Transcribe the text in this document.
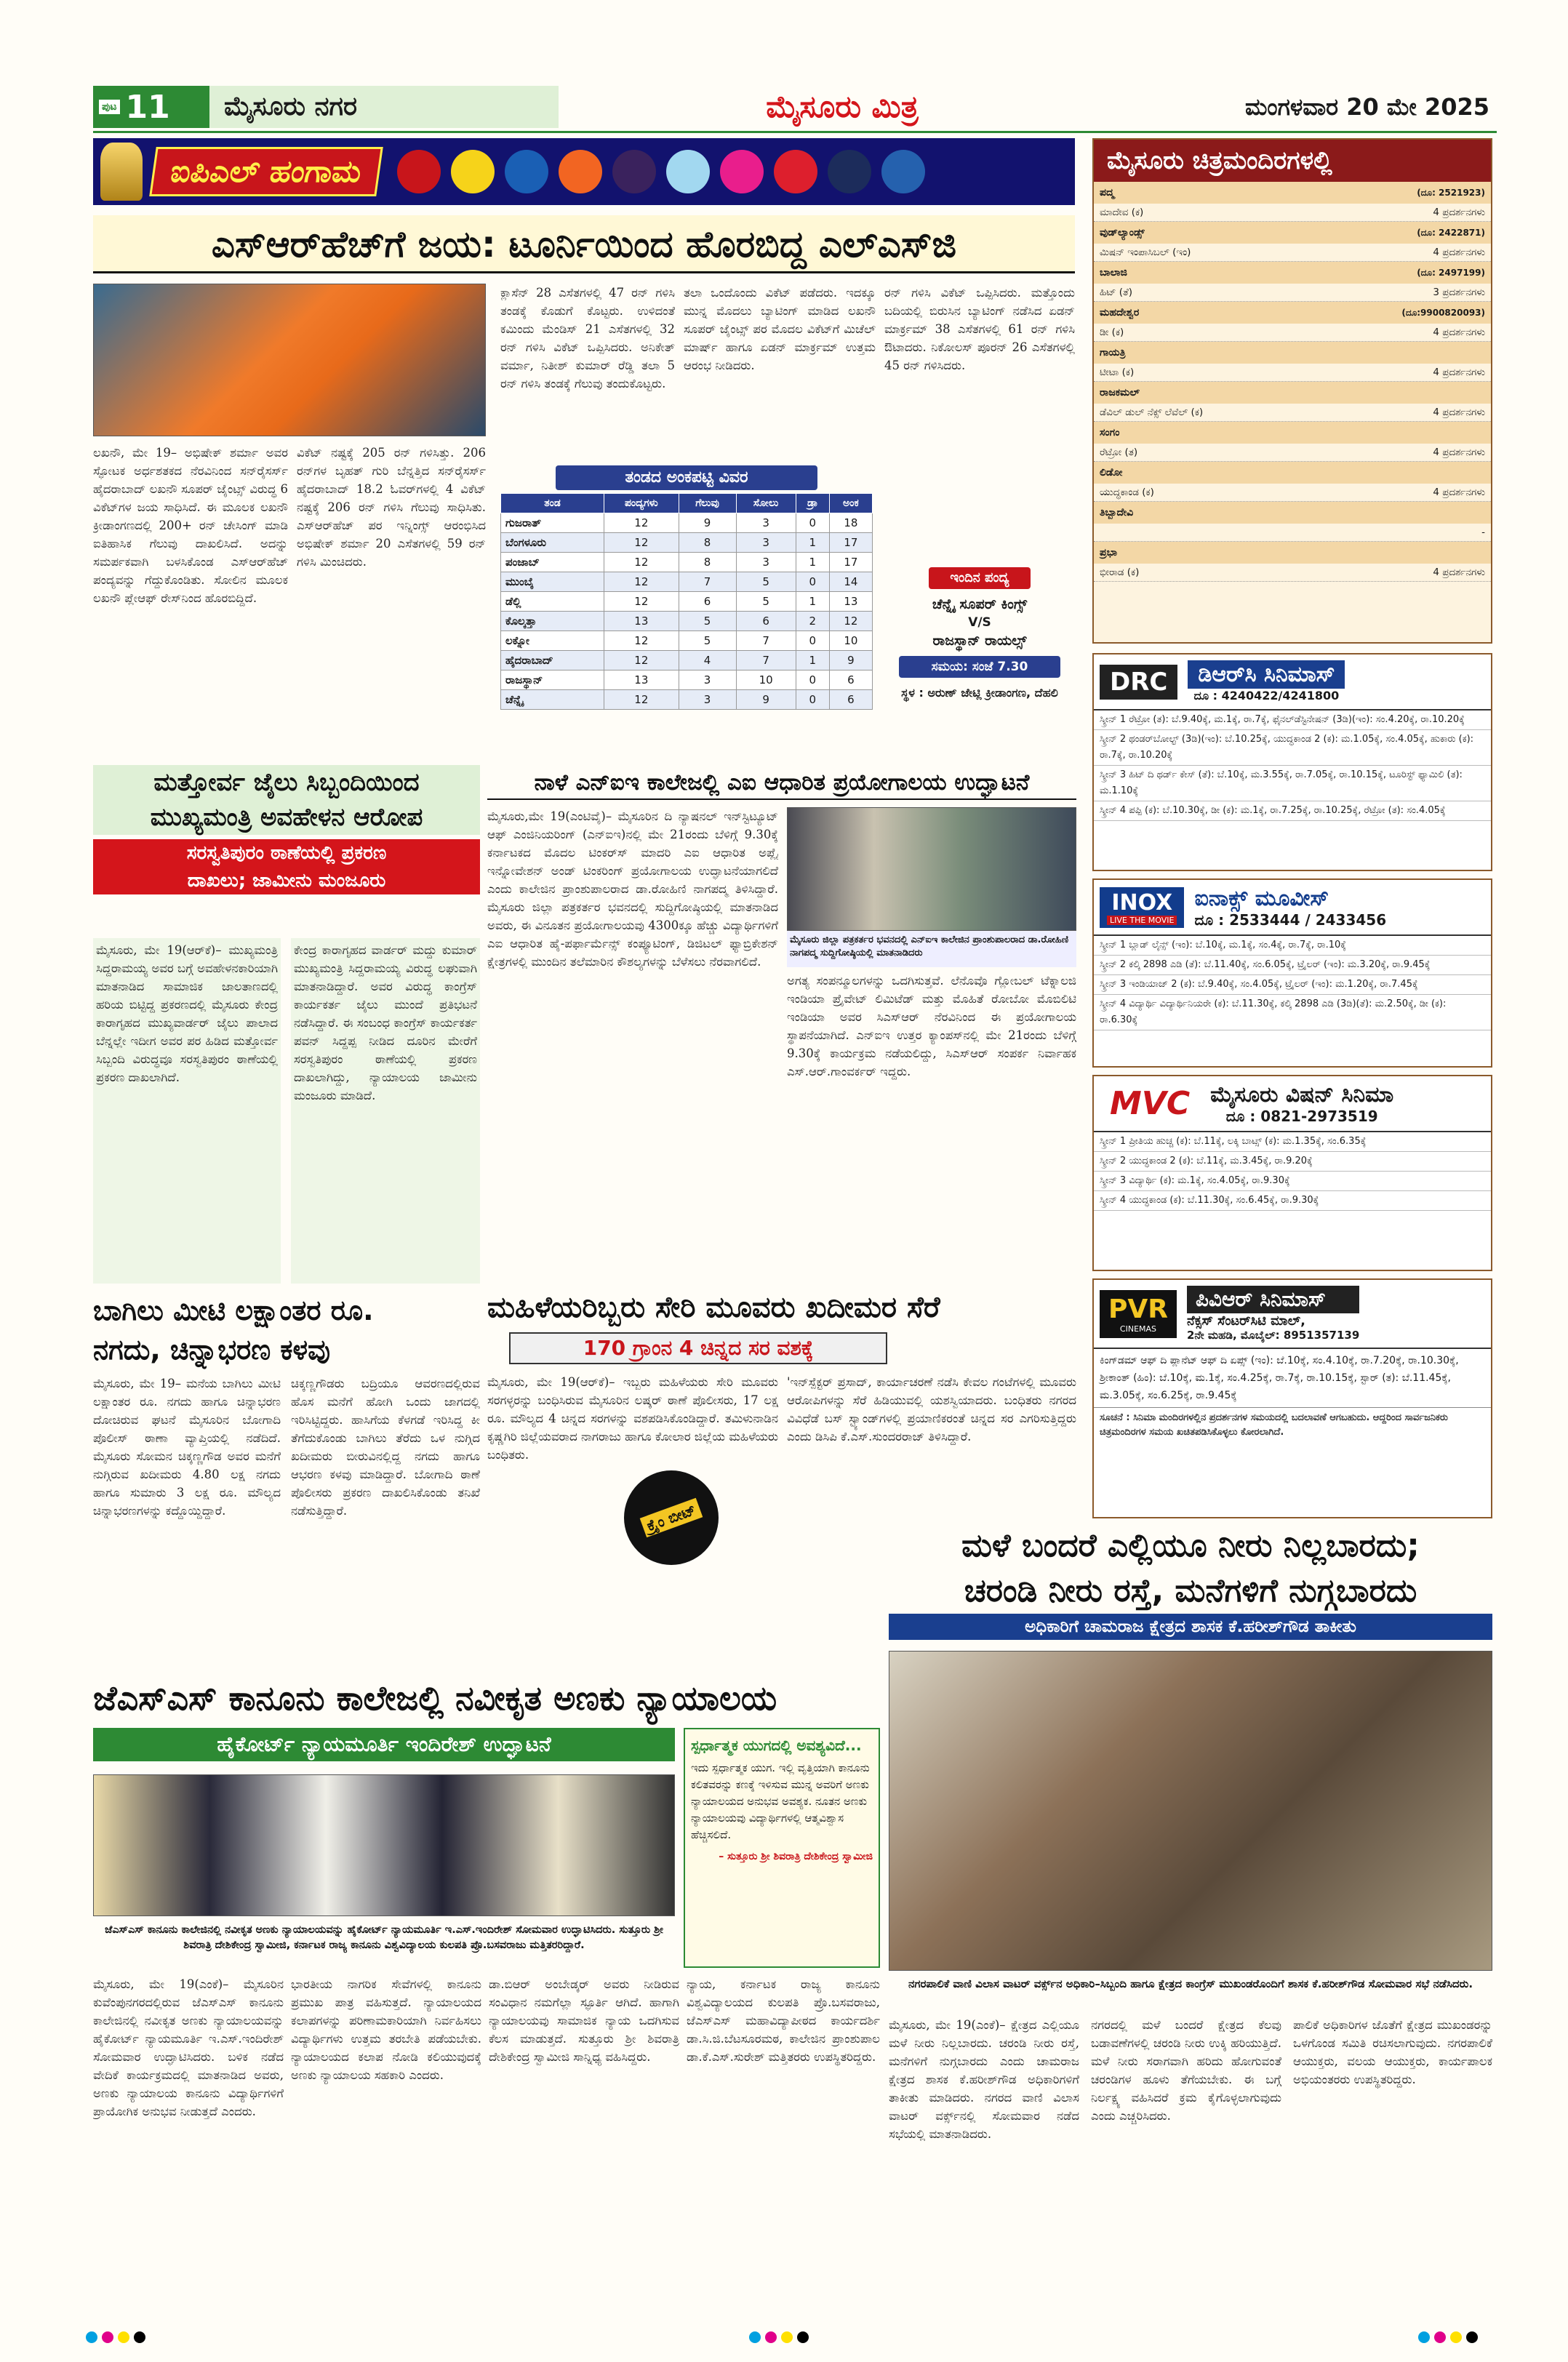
ಪುಟ 11	ಮೈಸೂರು ನಗರ	ಮೈಸೂರು ಮಿತ್ರ	ಮಂಗಳವಾರ 20 ಮೇ 2025
ಐಪಿಎಲ್ ಹಂಗಾಮ
ಎಸ್‌ಆರ್‌ಹೆಚ್‌ಗೆ ಜಯ: ಟೂರ್ನಿಯಿಂದ ಹೊರಬಿದ್ದ ಎಲ್‌ಎಸ್‌ಜಿ
ಲಖನೌ, ಮೇ 19– ಅಭಿಷೇಕ್ ಶರ್ಮಾ ಅವರ ಸ್ಫೋಟಕ ಅರ್ಧಶತಕದ ನೆರವಿನಿಂದ ಸನ್‌ರೈಸರ್ಸ್ ಹೈದರಾಬಾದ್ ಲಖನೌ ಸೂಪರ್ ಜೈಂಟ್ಸ್ ವಿರುದ್ಧ 6 ವಿಕೆಟ್‌ಗಳ ಜಯ ಸಾಧಿಸಿದೆ. ಈ ಮೂಲಕ ಲಖನೌ ಕ್ರೀಡಾಂಗಣದಲ್ಲಿ 200+ ರನ್ ಚೇಸಿಂಗ್ ಮಾಡಿ ಐತಿಹಾಸಿಕ ಗೆಲುವು ದಾಖಲಿಸಿದೆ. ಅದನ್ನು ಸಮರ್ಪಕವಾಗಿ ಬಳಸಿಕೊಂಡ ಎಸ್‌ಆರ್‌ಹೆಚ್ ಪಂದ್ಯವನ್ನು ಗೆದ್ದುಕೊಂಡಿತು. ಸೋಲಿನ ಮೂಲಕ ಲಖನೌ ಪ್ಲೇಆಫ್ ರೇಸ್‌ನಿಂದ ಹೊರಬಿದ್ದಿದೆ.
ವಿಕೆಟ್ ನಷ್ಟಕ್ಕೆ 205 ರನ್ ಗಳಿಸಿತ್ತು. 206 ರನ್‌ಗಳ ಬೃಹತ್ ಗುರಿ ಬೆನ್ನತ್ತಿದ ಸನ್‌ರೈಸರ್ಸ್ ಹೈದರಾಬಾದ್ 18.2 ಓವರ್‌ಗಳಲ್ಲಿ 4 ವಿಕೆಟ್ ನಷ್ಟಕ್ಕೆ 206 ರನ್ ಗಳಿಸಿ ಗೆಲುವು ಸಾಧಿಸಿತು. ಎಸ್‌ಆರ್‌ಹೆಚ್ ಪರ ಇನ್ನಿಂಗ್ಸ್ ಆರಂಭಿಸಿದ ಅಭಿಷೇಕ್ ಶರ್ಮಾ 20 ಎಸೆತಗಳಲ್ಲಿ 59 ರನ್ ಗಳಿಸಿ ಮಿಂಚಿದರು.
ಕ್ಲಾಸೆನ್ 28 ಎಸೆತಗಳಲ್ಲಿ 47 ರನ್ ಗಳಿಸಿ ತಂಡಕ್ಕೆ ಕೊಡುಗೆ ಕೊಟ್ಟರು. ಉಳಿದಂತೆ ಕಮಿಂದು ಮೆಂಡಿಸ್ 21 ಎಸೆತಗಳಲ್ಲಿ 32 ರನ್ ಗಳಿಸಿ ವಿಕೆಟ್ ಒಪ್ಪಿಸಿದರು. ಅನಿಕೇತ್ ವರ್ಮಾ, ನಿತೀಶ್ ಕುಮಾರ್ ರೆಡ್ಡಿ ತಲಾ 5 ರನ್ ಗಳಿಸಿ ತಂಡಕ್ಕೆ ಗೆಲುವು ತಂದುಕೊಟ್ಟರು.
ತಲಾ ಒಂದೊಂದು ವಿಕೆಟ್ ಪಡೆದರು. ಇದಕ್ಕೂ ಮುನ್ನ ಮೊದಲು ಬ್ಯಾಟಿಂಗ್ ಮಾಡಿದ ಲಖನೌ ಸೂಪರ್ ಜೈಂಟ್ಸ್ ಪರ ಮೊದಲ ವಿಕೆಟ್‌ಗೆ ಮಿಚೆಲ್ ಮಾರ್ಷ್ ಹಾಗೂ ಏಡನ್ ಮಾರ್ಕ್ರಮ್ ಉತ್ತಮ ಆರಂಭ ನೀಡಿದರು.
ರನ್ ಗಳಿಸಿ ವಿಕೆಟ್ ಒಪ್ಪಿಸಿದರು. ಮತ್ತೊಂದು ಬದಿಯಲ್ಲಿ ಬಿರುಸಿನ ಬ್ಯಾಟಿಂಗ್ ನಡೆಸಿದ ಏಡನ್ ಮಾರ್ಕ್ರಮ್ 38 ಎಸೆತಗಳಲ್ಲಿ 61 ರನ್ ಗಳಿಸಿ ಔಟಾದರು. ನಿಕೋಲಸ್ ಪೂರನ್ 26 ಎಸೆತಗಳಲ್ಲಿ 45 ರನ್ ಗಳಿಸಿದರು.
ತಂಡದ ಅಂಕಪಟ್ಟಿ ವಿವರ
ತಂಡ	ಪಂದ್ಯಗಳು	ಗೆಲುವು	ಸೋಲು	ಡ್ರಾ	ಅಂಕ
ಗುಜರಾತ್	12	9	3	0	18
ಬೆಂಗಳೂರು	12	8	3	1	17
ಪಂಜಾಬ್	12	8	3	1	17
ಮುಂಬೈ	12	7	5	0	14
ಡೆಲ್ಲಿ	12	6	5	1	13
ಕೊಲ್ಕತ್ತಾ	13	5	6	2	12
ಲಕ್ನೋ	12	5	7	0	10
ಹೈದರಾಬಾದ್	12	4	7	1	9
ರಾಜಸ್ಥಾನ್	13	3	10	0	6
ಚೆನ್ನೈ	12	3	9	0	6
ಇಂದಿನ ಪಂದ್ಯ
ಚೆನ್ನೈ ಸೂಪರ್ ಕಿಂಗ್ಸ್
V/S
ರಾಜಸ್ಥಾನ್ ರಾಯಲ್ಸ್
ಸಮಯ: ಸಂಜೆ 7.30
ಸ್ಥಳ : ಅರುಣ್ ಜೇಟ್ಲಿ ಕ್ರೀಡಾಂಗಣ, ದೆಹಲಿ
ಮೈಸೂರು ಚಿತ್ರಮಂದಿರಗಳಲ್ಲಿ
ಪದ್ಮ	(ದೂ: 2521923)
ಮಾದೇವ (ಕ)	4 ಪ್ರದರ್ಶನಗಳು
ವುಡ್‌ಲ್ಯಾಂಡ್ಸ್	(ದೂ: 2422871)
ಮಿಷನ್ ಇಂಪಾಸಿಬಲ್ (ಇಂ)	4 ಪ್ರದರ್ಶನಗಳು
ಬಾಲಾಜಿ	(ದೂ: 2497199)
ಹಿಟ್ (ತೆ)	3 ಪ್ರದರ್ಶನಗಳು
ಮಹದೇಶ್ವರ	(ದೂ:9900820093)
ಡೀ (ಕ)	4 ಪ್ರದರ್ಶನಗಳು
ಗಾಯತ್ರಿ
ಟೀಟಾ (ಕ)	4 ಪ್ರದರ್ಶನಗಳು
ರಾಜಕಮಲ್
ಡೆವಿಲ್ ಡುಲ್ ನೆಕ್ಸ್ ಲೆವೆಲ್ (ಕ)	4 ಪ್ರದರ್ಶನಗಳು
ಸಂಗಂ
ರೆಟ್ರೋ (ತ)	4 ಪ್ರದರ್ಶನಗಳು
ಲಿಡೋ
ಯುದ್ಧಕಾಂಡ (ಕ)	4 ಪ್ರದರ್ಶನಗಳು
ತಿಬ್ಬಾದೇವಿ
-
ಪ್ರಭಾ
ಭೀರಾಡ (ಕ)	4 ಪ್ರದರ್ಶನಗಳು
DRC	ಡಿಆರ್‌ಸಿ ಸಿನಿಮಾಸ್
ದೂ : 4240422/4241800
ಸ್ಕ್ರೀನ್ 1 ರೆಟ್ರೋ (ತ): ಬೆ.9.40ಕ್ಕೆ, ಮ.1ಕ್ಕೆ, ರಾ.7ಕ್ಕೆ, ಫೈನಲ್‌ಡೆಸ್ಟಿನೇಷನ್ (3ಡಿ)(ಇಂ): ಸಂ.4.20ಕ್ಕೆ, ರಾ.10.20ಕ್ಕೆ
ಸ್ಕ್ರೀನ್ 2 ಥಂಡರ್‌ಬೋಲ್ಟ್ (3ಡಿ)(ಇಂ): ಬೆ.10.25ಕ್ಕೆ, ಯುದ್ಧಕಾಂಡ 2 (ಕ): ಮ.1.05ಕ್ಕೆ, ಸಂ.4.05ಕ್ಕೆ, ಹುಕಾರು (ಕ): ರಾ.7ಕ್ಕೆ, ರಾ.10.20ಕ್ಕೆ
ಸ್ಕ್ರೀನ್ 3 ಹಿಟ್ ದಿ ಥರ್ಡ್ ಕೇಸ್ (ತೆ): ಬೆ.10ಕ್ಕೆ, ಮ.3.55ಕ್ಕೆ, ರಾ.7.05ಕ್ಕೆ, ರಾ.10.15ಕ್ಕೆ, ಟೂರಿಸ್ಟ್ ಫ್ಯಾಮಿಲಿ (ತ): ಮ.1.10ಕ್ಕೆ
ಸ್ಕ್ರೀನ್ 4 ಪಪ್ಪಿ (ಕ): ಬೆ.10.30ಕ್ಕೆ, ಡೀ (ಕ): ಮ.1ಕ್ಕೆ, ರಾ.7.25ಕ್ಕೆ, ರಾ.10.25ಕ್ಕೆ, ರೆಟ್ರೋ (ತ): ಸಂ.4.05ಕ್ಕೆ
INOX
LIVE THE MOVIE
ಐನಾಕ್ಸ್ ಮೂವೀಸ್
ದೂ : 2533444 / 2433456
ಸ್ಕ್ರೀನ್ 1 ಬ್ಲಾಡ್ ಲೈನ್ಸ್ (ಇಂ): ಬೆ.10ಕ್ಕೆ, ಮ.1ಕ್ಕೆ, ಸಂ.4ಕ್ಕೆ, ರಾ.7ಕ್ಕೆ, ರಾ.10ಕ್ಕೆ
ಸ್ಕ್ರೀನ್ 2 ಕಲ್ಕಿ 2898 ಎಡಿ (ತೆ): ಬೆ.11.40ಕ್ಕೆ, ಸಂ.6.05ಕ್ಕೆ, ಟ್ರೈಲರ್ (ಇಂ): ಮ.3.20ಕ್ಕೆ, ರಾ.9.45ಕ್ಕೆ
ಸ್ಕ್ರೀನ್ 3 ಇಂಡಿಯಾಜ್ 2 (ಕ): ಬೆ.9.40ಕ್ಕೆ, ಸಂ.4.05ಕ್ಕೆ, ಟ್ರೈಲರ್ (ಇಂ): ಮ.1.20ಕ್ಕೆ, ರಾ.7.45ಕ್ಕೆ
ಸ್ಕ್ರೀನ್ 4 ವಿದ್ಯಾರ್ಥಿ ವಿದ್ಯಾರ್ಥಿನಿಯರೇ (ಕ): ಬೆ.11.30ಕ್ಕೆ, ಕಲ್ಕಿ 2898 ಎಡಿ (3ಡಿ)(ತೆ): ಮ.2.50ಕ್ಕೆ, ಡೀ (ಕ): ರಾ.6.30ಕ್ಕೆ
MVC ಮೈಸೂರು ವಿಷನ್ ಸಿನಿಮಾ
ದೂ : 0821-2973519
ಸ್ಕ್ರೀನ್ 1 ಪ್ರೀತಿಯ ಹುಚ್ಚ (ಕ): ಬೆ.11ಕ್ಕೆ, ಲಕ್ಕಿ ಬಾಟ್ಸ್ (ಕ): ಮ.1.35ಕ್ಕೆ, ಸಂ.6.35ಕ್ಕೆ
ಸ್ಕ್ರೀನ್ 2 ಯುದ್ಧಕಾಂಡ 2 (ಕ): ಬೆ.11ಕ್ಕೆ, ಮ.3.45ಕ್ಕೆ, ರಾ.9.20ಕ್ಕೆ
ಸ್ಕ್ರೀನ್ 3 ವಿದ್ಯಾರ್ಥಿ (ಕ): ಮ.1ಕ್ಕೆ, ಸಂ.4.05ಕ್ಕೆ, ರಾ.9.30ಕ್ಕೆ
ಸ್ಕ್ರೀನ್ 4 ಯುದ್ಧಕಾಂಡ (ಕ): ಬೆ.11.30ಕ್ಕೆ, ಸಂ.6.45ಕ್ಕೆ, ರಾ.9.30ಕ್ಕೆ
PVR
CINEMAS
ಪಿವಿಆರ್ ಸಿನಿಮಾಸ್
ನೆಕ್ಸಸ್ ಸೆಂಟರ್‌ಸಿಟಿ ಮಾಲ್,
2ನೇ ಮಹಡಿ, ಮೊಬೈಲ್: 8951357139
ಕಿಂಗ್‌ಡಮ್ ಆಫ್ ದಿ ಪ್ಲಾನೆಟ್ ಆಫ್ ದಿ ಏಪ್ಸ್ (ಇಂ): ಬೆ.10ಕ್ಕೆ, ಸಂ.4.10ಕ್ಕೆ, ರಾ.7.20ಕ್ಕೆ, ರಾ.10.30ಕ್ಕೆ, ಶ್ರೀಕಾಂತ್ (ಹಿಂ): ಬೆ.10ಕ್ಕೆ, ಮ.1ಕ್ಕೆ, ಸಂ.4.25ಕ್ಕೆ, ರಾ.7ಕ್ಕೆ, ರಾ.10.15ಕ್ಕೆ, ಸ್ಟಾರ್ (ತ): ಬೆ.11.45ಕ್ಕೆ, ಮ.3.05ಕ್ಕೆ, ಸಂ.6.25ಕ್ಕೆ, ರಾ.9.45ಕ್ಕೆ
ಸೂಚನೆ : ಸಿನಿಮಾ ಮಂದಿರಗಳಲ್ಲಿನ ಪ್ರದರ್ಶನಗಳ ಸಮಯದಲ್ಲಿ ಬದಲಾವಣೆ ಆಗಬಹುದು. ಆದ್ದರಿಂದ ಸಾರ್ವಜನಿಕರು ಚಿತ್ರಮಂದಿರಗಳ ಸಮಯ ಖಚಿತಪಡಿಸಿಕೊಳ್ಳಲು ಕೋರಲಾಗಿದೆ.
ಮತ್ತೋರ್ವ ಜೈಲು ಸಿಬ್ಬಂದಿಯಿಂದ
ಮುಖ್ಯಮಂತ್ರಿ ಅವಹೇಳನ ಆರೋಪ
ಸರಸ್ವತಿಪುರಂ ಠಾಣೆಯಲ್ಲಿ ಪ್ರಕರಣ
ದಾಖಲು; ಜಾಮೀನು ಮಂಜೂರು
ಮೈಸೂರು, ಮೇ 19(ಆರ್‌ಕೆ)– ಮುಖ್ಯಮಂತ್ರಿ ಸಿದ್ದರಾಮಯ್ಯ ಅವರ ಬಗ್ಗೆ ಅವಹೇಳನಕಾರಿಯಾಗಿ ಮಾತನಾಡಿದ ಸಾಮಾಜಿಕ ಜಾಲತಾಣದಲ್ಲಿ ಹರಿಯ ಬಿಟ್ಟಿದ್ದ ಪ್ರಕರಣದಲ್ಲಿ ಮೈಸೂರು ಕೇಂದ್ರ ಕಾರಾಗೃಹದ ಮುಖ್ಯವಾರ್ಡರ್ ಜೈಲು ಪಾಲಾದ ಬೆನ್ನಲ್ಲೇ ಇದೀಗ ಅವರ ಪರ ಹಿಡಿದ ಮತ್ತೋರ್ವ ಸಿಬ್ಬಂದಿ ವಿರುದ್ಧವೂ ಸರಸ್ವತಿಪುರಂ ಠಾಣೆಯಲ್ಲಿ ಪ್ರಕರಣ ದಾಖಲಾಗಿದೆ.
ಕೇಂದ್ರ ಕಾರಾಗೃಹದ ವಾರ್ಡರ್ ಮದ್ದು ಕುಮಾರ್ ಮುಖ್ಯಮಂತ್ರಿ ಸಿದ್ದರಾಮಯ್ಯ ವಿರುದ್ಧ ಲಘುವಾಗಿ ಮಾತನಾಡಿದ್ದಾರೆ. ಅವರ ವಿರುದ್ಧ ಕಾಂಗ್ರೆಸ್ ಕಾರ್ಯಕರ್ತ ಜೈಲು ಮುಂದೆ ಪ್ರತಿಭಟನೆ ನಡೆಸಿದ್ದಾರೆ. ಈ ಸಂಬಂಧ ಕಾಂಗ್ರೆಸ್ ಕಾರ್ಯಕರ್ತ ಪವನ್ ಸಿದ್ದಪ್ಪ ನೀಡಿದ ದೂರಿನ ಮೇರೆಗೆ ಸರಸ್ವತಿಪುರಂ ಠಾಣೆಯಲ್ಲಿ ಪ್ರಕರಣ ದಾಖಲಾಗಿದ್ದು, ನ್ಯಾಯಾಲಯ ಜಾಮೀನು ಮಂಜೂರು ಮಾಡಿದೆ.
ಬಾಗಿಲು ಮೀಟಿ ಲಕ್ಷಾಂತರ ರೂ.
ನಗದು, ಚಿನ್ನಾಭರಣ ಕಳವು
ಮೈಸೂರು, ಮೇ 19– ಮನೆಯ ಬಾಗಿಲು ಮೀಟಿ ಲಕ್ಷಾಂತರ ರೂ. ನಗದು ಹಾಗೂ ಚಿನ್ನಾಭರಣ ದೋಚಿರುವ ಘಟನೆ ಮೈಸೂರಿನ ಬೋಗಾದಿ ಪೊಲೀಸ್ ಠಾಣಾ ವ್ಯಾಪ್ತಿಯಲ್ಲಿ ನಡೆದಿದೆ. ಮೈಸೂರು ಸೋಮನ ಚಿಕ್ಕಣ್ಣಗೌಡ ಅವರ ಮನೆಗೆ ನುಗ್ಗಿರುವ ಖದೀಮರು 4.80 ಲಕ್ಷ ನಗದು ಹಾಗೂ ಸುಮಾರು 3 ಲಕ್ಷ ರೂ. ಮೌಲ್ಯದ ಚಿನ್ನಾಭರಣಗಳನ್ನು ಕದ್ದೊಯ್ದಿದ್ದಾರೆ.
ಚಿಕ್ಕಣ್ಣಗೌಡರು ಬದ್ರಿಯೂ ಆವರಣದಲ್ಲಿರುವ ಹೊಸ ಮನೆಗೆ ಹೋಗಿ ಒಂದು ಜಾಗದಲ್ಲಿ ಇರಿಸಿಟ್ಟಿದ್ದರು. ಹಾಸಿಗೆಯ ಕೆಳಗಡೆ ಇರಿಸಿದ್ದ ಕೀ ತೆಗೆದುಕೊಂಡು ಬಾಗಿಲು ತೆರೆದು ಒಳ ನುಗ್ಗಿದ ಖದೀಮರು ಬೀರುವಿನಲ್ಲಿದ್ದ ನಗದು ಹಾಗೂ ಆಭರಣ ಕಳವು ಮಾಡಿದ್ದಾರೆ. ಬೋಗಾದಿ ಠಾಣೆ ಪೊಲೀಸರು ಪ್ರಕರಣ ದಾಖಲಿಸಿಕೊಂಡು ತನಿಖೆ ನಡೆಸುತ್ತಿದ್ದಾರೆ.
ನಾಳೆ ಎನ್‌ಐಇ ಕಾಲೇಜಲ್ಲಿ ಎಐ ಆಧಾರಿತ ಪ್ರಯೋಗಾಲಯ ಉದ್ಘಾಟನೆ
ಮೈಸೂರು,ಮೇ 19(ಎಂಟಿವೈ)– ಮೈಸೂರಿನ ದಿ ನ್ಯಾಷನಲ್ ಇನ್‌ಸ್ಟಿಟ್ಯೂಟ್ ಆಫ್ ಎಂಜಿನಿಯರಿಂಗ್ (ಎನ್‌ಐಇ)ನಲ್ಲಿ ಮೇ 21ರಂದು ಬೆಳಿಗ್ಗೆ 9.30ಕ್ಕೆ ಕರ್ನಾಟಕದ ಮೊದಲ ಟಿಂಕರ್‌ಸ್ ಮಾದರಿ ಎಐ ಆಧಾರಿತ ಅಪ್ಲೈ ಇನ್ನೋವೇಶನ್ ಅಂಡ್ ಟಿಂಕರಿಂಗ್ ಪ್ರಯೋಗಾಲಯ ಉದ್ಘಾಟನೆಯಾಗಲಿದೆ ಎಂದು ಕಾಲೇಜಿನ ಪ್ರಾಂಶುಪಾಲರಾದ ಡಾ.ರೋಹಿಣಿ ನಾಗಪದ್ಮ ತಿಳಿಸಿದ್ದಾರೆ. ಮೈಸೂರು ಜಿಲ್ಲಾ ಪತ್ರಕರ್ತರ ಭವನದಲ್ಲಿ ಸುದ್ದಿಗೋಷ್ಠಿಯಲ್ಲಿ ಮಾತನಾಡಿದ ಅವರು, ಈ ವಿನೂತನ ಪ್ರಯೋಗಾಲಯವು 4300ಕ್ಕೂ ಹೆಚ್ಚು ವಿದ್ಯಾರ್ಥಿಗಳಿಗೆ ಎಐ ಆಧಾರಿತ ಹೈ-ಪರ್ಫಾರ್ಮೆನ್ಸ್ ಕಂಪ್ಯೂಟಿಂಗ್, ಡಿಜಿಟಲ್ ಫ್ಯಾಬ್ರಿಕೇಶನ್ ಕ್ಷೇತ್ರಗಳಲ್ಲಿ ಮುಂದಿನ ತಲೆಮಾರಿನ ಕೌಶಲ್ಯಗಳನ್ನು ಬೆಳೆಸಲು ನೆರವಾಗಲಿದೆ.
ಮೈಸೂರು ಜಿಲ್ಲಾ ಪತ್ರಕರ್ತರ ಭವನದಲ್ಲಿ ಎನ್‌ಐಇ ಕಾಲೇಜಿನ ಪ್ರಾಂಶುಪಾಲರಾದ ಡಾ.ರೋಹಿಣಿ ನಾಗಪದ್ಮ ಸುದ್ದಿಗೋಷ್ಠಿಯಲ್ಲಿ ಮಾತನಾಡಿದರು
ಅಗತ್ಯ ಸಂಪನ್ಮೂಲಗಳನ್ನು ಒದಗಿಸುತ್ತವೆ. ಲೆನೊವೊ ಗ್ಲೋಬಲ್ ಟೆಕ್ನಾಲಜಿ ಇಂಡಿಯಾ ಪ್ರೈವೇಟ್ ಲಿಮಿಟೆಡ್ ಮತ್ತು ಮೊಹಿತೆ ರೋಬೋ ಮೊಬಿಲಿಟಿ ಇಂಡಿಯಾ ಅವರ ಸಿಎಸ್‌ಆರ್ ನೆರವಿನಿಂದ ಈ ಪ್ರಯೋಗಾಲಯ ಸ್ಥಾಪನೆಯಾಗಿದೆ. ಎನ್‌ಐಇ ಉತ್ತರ ಕ್ಯಾಂಪಸ್‌ನಲ್ಲಿ ಮೇ 21ರಂದು ಬೆಳಿಗ್ಗೆ 9.30ಕ್ಕೆ ಕಾರ್ಯಕ್ರಮ ನಡೆಯಲಿದ್ದು, ಸಿಎಸ್‌ಆರ್ ಸಂಪರ್ಕ ನಿರ್ವಾಹಕ ಎಸ್.ಆರ್.ಗಾಂವರ್ಕರ್ ಇದ್ದರು.
ಮಹಿಳೆಯರಿಬ್ಬರು ಸೇರಿ ಮೂವರು ಖದೀಮರ ಸೆರೆ
170 ಗ್ರಾಂನ 4 ಚಿನ್ನದ ಸರ ವಶಕ್ಕೆ
ಮೈಸೂರು, ಮೇ 19(ಆರ್‌ಕೆ)– ಇಬ್ಬರು ಮಹಿಳೆಯರು ಸೇರಿ ಮೂವರು ಸರಗಳ್ಳರನ್ನು ಬಂಧಿಸಿರುವ ಮೈಸೂರಿನ ಲಷ್ಕರ್ ಠಾಣೆ ಪೊಲೀಸರು, 17 ಲಕ್ಷ ರೂ. ಮೌಲ್ಯದ 4 ಚಿನ್ನದ ಸರಗಳನ್ನು ವಶಪಡಿಸಿಕೊಂಡಿದ್ದಾರೆ. ತಮಿಳುನಾಡಿನ ಕೃಷ್ಣಗಿರಿ ಜಿಲ್ಲೆಯವರಾದ ನಾಗರಾಜು ಹಾಗೂ ಕೋಲಾರ ಜಿಲ್ಲೆಯ ಮಹಿಳೆಯರು ಬಂಧಿತರು.
ಕ್ರೈಂ ಬೀಟ್
'ಇನ್‌ಸ್ಪೆಕ್ಟರ್ ಪ್ರಸಾದ್, ಕಾರ್ಯಾಚರಣೆ ನಡೆಸಿ ಕೇವಲ ಗಂಟೆಗಳಲ್ಲಿ ಮೂವರು ಆರೋಪಿಗಳನ್ನು ಸೆರೆ ಹಿಡಿಯುವಲ್ಲಿ ಯಶಸ್ವಿಯಾದರು. ಬಂಧಿತರು ನಗರದ ವಿವಿಧೆಡೆ ಬಸ್ ಸ್ಟ್ಯಾಂಡ್‌ಗಳಲ್ಲಿ ಪ್ರಯಾಣಿಕರಂತೆ ಚಿನ್ನದ ಸರ ಎಗರಿಸುತ್ತಿದ್ದರು ಎಂದು ಡಿಸಿಪಿ ಕೆ.ಎಸ್.ಸುಂದರರಾಜ್ ತಿಳಿಸಿದ್ದಾರೆ.
ಮಳೆ ಬಂದರೆ ಎಲ್ಲಿಯೂ ನೀರು ನಿಲ್ಲಬಾರದು;
ಚರಂಡಿ ನೀರು ರಸ್ತೆ, ಮನೆಗಳಿಗೆ ನುಗ್ಗಬಾರದು
ಅಧಿಕಾರಿಗೆ ಚಾಮರಾಜ ಕ್ಷೇತ್ರದ ಶಾಸಕ ಕೆ.ಹರೀಶ್‌ಗೌಡ ತಾಕೀತು
ನಗರಪಾಲಿಕೆ ವಾಣಿ ವಿಲಾಸ ವಾಟರ್ ವರ್ಕ್ಸ್‌ನ ಅಧಿಕಾರಿ–ಸಿಬ್ಬಂದಿ ಹಾಗೂ ಕ್ಷೇತ್ರದ ಕಾಂಗ್ರೆಸ್ ಮುಖಂಡರೊಂದಿಗೆ ಶಾಸಕ ಕೆ.ಹರೀಶ್‌ಗೌಡ ಸೋಮವಾರ ಸಭೆ ನಡೆಸಿದರು.
ಮೈಸೂರು, ಮೇ 19(ಎಂಕೆ)– ಕ್ಷೇತ್ರದ ಎಲ್ಲಿಯೂ ಮಳೆ ನೀರು ನಿಲ್ಲಬಾರದು. ಚರಂಡಿ ನೀರು ರಸ್ತೆ, ಮನೆಗಳಿಗೆ ನುಗ್ಗಬಾರದು ಎಂದು ಚಾಮರಾಜ ಕ್ಷೇತ್ರದ ಶಾಸಕ ಕೆ.ಹರೀಶ್‌ಗೌಡ ಅಧಿಕಾರಿಗಳಿಗೆ ತಾಕೀತು ಮಾಡಿದರು. ನಗರದ ವಾಣಿ ವಿಲಾಸ ವಾಟರ್ ವರ್ಕ್ಸ್‌ನಲ್ಲಿ ಸೋಮವಾರ ನಡೆದ ಸಭೆಯಲ್ಲಿ ಮಾತನಾಡಿದರು.
ನಗರದಲ್ಲಿ ಮಳೆ ಬಂದರೆ ಕ್ಷೇತ್ರದ ಕೆಲವು ಬಡಾವಣೆಗಳಲ್ಲಿ ಚರಂಡಿ ನೀರು ಉಕ್ಕಿ ಹರಿಯುತ್ತಿದೆ. ಮಳೆ ನೀರು ಸರಾಗವಾಗಿ ಹರಿದು ಹೋಗುವಂತೆ ಚರಂಡಿಗಳ ಹೂಳು ತೆಗೆಯಬೇಕು. ಈ ಬಗ್ಗೆ ನಿರ್ಲಕ್ಷ್ಯ ವಹಿಸಿದರೆ ಕ್ರಮ ಕೈಗೊಳ್ಳಲಾಗುವುದು ಎಂದು ಎಚ್ಚರಿಸಿದರು.
ಪಾಲಿಕೆ ಅಧಿಕಾರಿಗಳ ಜೊತೆಗೆ ಕ್ಷೇತ್ರದ ಮುಖಂಡರನ್ನು ಒಳಗೊಂಡ ಸಮಿತಿ ರಚಿಸಲಾಗುವುದು. ನಗರಪಾಲಿಕೆ ಆಯುಕ್ತರು, ವಲಯ ಆಯುಕ್ತರು, ಕಾರ್ಯಪಾಲಕ ಅಭಿಯಂತರರು ಉಪಸ್ಥಿತರಿದ್ದರು.
ಜೆಎಸ್‌ಎಸ್ ಕಾನೂನು ಕಾಲೇಜಲ್ಲಿ ನವೀಕೃತ ಅಣಕು ನ್ಯಾಯಾಲಯ
ಹೈಕೋರ್ಟ್ ನ್ಯಾಯಮೂರ್ತಿ ಇಂದಿರೇಶ್ ಉದ್ಘಾಟನೆ
ಜೆಎಸ್‌ಎಸ್ ಕಾನೂನು ಕಾಲೇಜಿನಲ್ಲಿ ನವೀಕೃತ ಅಣಕು ನ್ಯಾಯಾಲಯವನ್ನು ಹೈಕೋರ್ಟ್ ನ್ಯಾಯಮೂರ್ತಿ ಇ.ಎಸ್.ಇಂದಿರೇಶ್ ಸೋಮವಾರ ಉದ್ಘಾಟಿಸಿದರು. ಸುತ್ತೂರು ಶ್ರೀ ಶಿವರಾತ್ರಿ ದೇಶಿಕೇಂದ್ರ ಸ್ವಾಮೀಜಿ, ಕರ್ನಾಟಕ ರಾಜ್ಯ ಕಾನೂನು ವಿಶ್ವವಿದ್ಯಾಲಯ ಕುಲಪತಿ ಪ್ರೊ.ಬಸವರಾಜು ಮತ್ತಿತರರಿದ್ದಾರೆ.
ಸ್ಪರ್ಧಾತ್ಮಕ ಯುಗದಲ್ಲಿ ಅವಶ್ಯವಿದೆ...
ಇದು ಸ್ಪರ್ಧಾತ್ಮಕ ಯುಗ. ಇಲ್ಲಿ ವೃತ್ತಿಯಾಗಿ ಕಾನೂನು ಕಲಿತವರನ್ನು ಕಣಕ್ಕೆ ಇಳಿಸುವ ಮುನ್ನ ಅವರಿಗೆ ಅಣಕು ನ್ಯಾಯಾಲಯದ ಅನುಭವ ಅವಶ್ಯಕ. ನೂತನ ಅಣಕು ನ್ಯಾಯಾಲಯವು ವಿದ್ಯಾರ್ಥಿಗಳಲ್ಲಿ ಆತ್ಮವಿಶ್ವಾಸ ಹೆಚ್ಚಿಸಲಿದೆ.
– ಸುತ್ತೂರು ಶ್ರೀ ಶಿವರಾತ್ರಿ ದೇಶಿಕೇಂದ್ರ ಸ್ವಾಮೀಜಿ
ಮೈಸೂರು, ಮೇ 19(ಎಂಕೆ)– ಮೈಸೂರಿನ ಕುವೆಂಪುನಗರದಲ್ಲಿರುವ ಜೆಎಸ್‌ಎಸ್ ಕಾನೂನು ಕಾಲೇಜಿನಲ್ಲಿ ನವೀಕೃತ ಅಣಕು ನ್ಯಾಯಾಲಯವನ್ನು ಹೈಕೋರ್ಟ್ ನ್ಯಾಯಮೂರ್ತಿ ಇ.ಎಸ್.ಇಂದಿರೇಶ್ ಸೋಮವಾರ ಉದ್ಘಾಟಿಸಿದರು. ಬಳಿಕ ನಡೆದ ವೇದಿಕೆ ಕಾರ್ಯಕ್ರಮದಲ್ಲಿ ಮಾತನಾಡಿದ ಅವರು, ಅಣಕು ನ್ಯಾಯಾಲಯ ಕಾನೂನು ವಿದ್ಯಾರ್ಥಿಗಳಿಗೆ ಪ್ರಾಯೋಗಿಕ ಅನುಭವ ನೀಡುತ್ತದೆ ಎಂದರು.
ಭಾರತೀಯ ನಾಗರಿಕ ಸೇವೆಗಳಲ್ಲಿ ಕಾನೂನು ಪ್ರಮುಖ ಪಾತ್ರ ವಹಿಸುತ್ತದೆ. ನ್ಯಾಯಾಲಯದ ಕಲಾಪಗಳನ್ನು ಪರಿಣಾಮಕಾರಿಯಾಗಿ ನಿರ್ವಹಿಸಲು ವಿದ್ಯಾರ್ಥಿಗಳು ಉತ್ತಮ ತರಬೇತಿ ಪಡೆಯಬೇಕು. ನ್ಯಾಯಾಲಯದ ಕಲಾಪ ನೋಡಿ ಕಲಿಯುವುದಕ್ಕೆ ಅಣಕು ನ್ಯಾಯಾಲಯ ಸಹಕಾರಿ ಎಂದರು.
ಡಾ.ಬಿಆರ್ ಅಂಬೇಡ್ಕರ್ ಅವರು ನೀಡಿರುವ ಸಂವಿಧಾನ ನಮಗೆಲ್ಲಾ ಸ್ಫೂರ್ತಿ ಆಗಿದೆ. ಹಾಗಾಗಿ ನ್ಯಾಯಾಲಯವು ಸಾಮಾಜಿಕ ನ್ಯಾಯ ಒದಗಿಸುವ ಕೆಲಸ ಮಾಡುತ್ತದೆ. ಸುತ್ತೂರು ಶ್ರೀ ಶಿವರಾತ್ರಿ ದೇಶಿಕೇಂದ್ರ ಸ್ವಾಮೀಜಿ ಸಾನ್ನಿಧ್ಯ ವಹಿಸಿದ್ದರು.
ನ್ಯಾಯ, ಕರ್ನಾಟಕ ರಾಜ್ಯ ಕಾನೂನು ವಿಶ್ವವಿದ್ಯಾಲಯದ ಕುಲಪತಿ ಪ್ರೊ.ಬಸವರಾಜು, ಜೆಎಸ್‌ಎಸ್ ಮಹಾವಿದ್ಯಾಪೀಠದ ಕಾರ್ಯದರ್ಶಿ ಡಾ.ಸಿ.ಜಿ.ಬೆಟಸೂರಮಠ, ಕಾಲೇಜಿನ ಪ್ರಾಂಶುಪಾಲ ಡಾ.ಕೆ.ಎಸ್.ಸುರೇಶ್ ಮತ್ತಿತರರು ಉಪಸ್ಥಿತರಿದ್ದರು.
